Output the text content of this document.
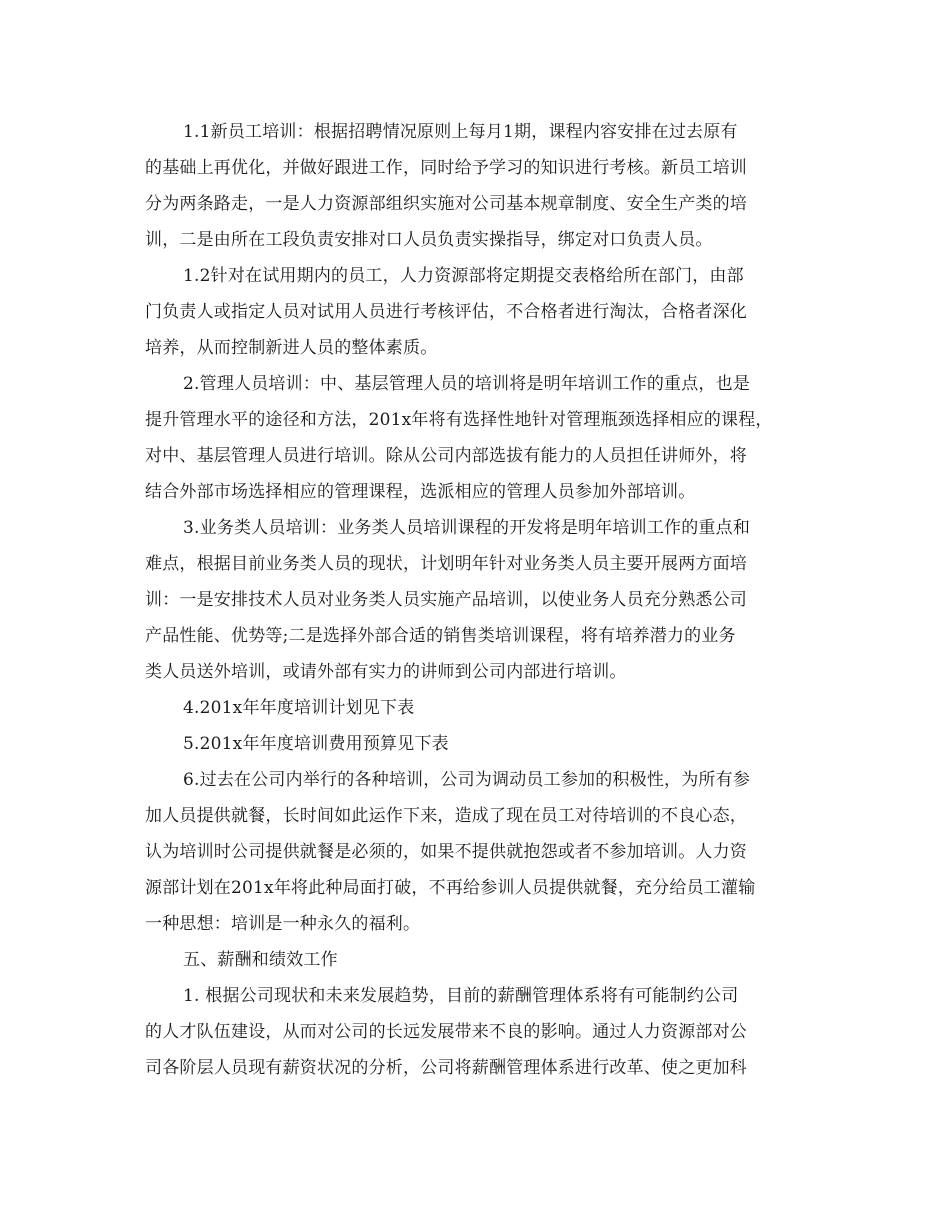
1.1新员工培训：根据招聘情况原则上每月1期，课程内容安排在过去原有
的基础上再优化，并做好跟进工作，同时给予学习的知识进行考核。新员工培训
分为两条路走，一是人力资源部组织实施对公司基本规章制度、安全生产类的培
训，二是由所在工段负责安排对口人员负责实操指导，绑定对口负责人员。
1.2针对在试用期内的员工，人力资源部将定期提交表格给所在部门，由部
门负责人或指定人员对试用人员进行考核评估，不合格者进行淘汰，合格者深化
培养，从而控制新进人员的整体素质。
2.管理人员培训：中、基层管理人员的培训将是明年培训工作的重点，也是
提升管理水平的途径和方法，201x年将有选择性地针对管理瓶颈选择相应的课程，
对中、基层管理人员进行培训。除从公司内部选拔有能力的人员担任讲师外，将
结合外部市场选择相应的管理课程，选派相应的管理人员参加外部培训。
3.业务类人员培训：业务类人员培训课程的开发将是明年培训工作的重点和
难点，根据目前业务类人员的现状，计划明年针对业务类人员主要开展两方面培
训：一是安排技术人员对业务类人员实施产品培训，以使业务人员充分熟悉公司
产品性能、优势等;二是选择外部合适的销售类培训课程，将有培养潜力的业务
类人员送外培训，或请外部有实力的讲师到公司内部进行培训。
4.201x年年度培训计划见下表
5.201x年年度培训费用预算见下表
6.过去在公司内举行的各种培训，公司为调动员工参加的积极性，为所有参
加人员提供就餐，长时间如此运作下来，造成了现在员工对待培训的不良心态，
认为培训时公司提供就餐是必须的，如果不提供就抱怨或者不参加培训。人力资
源部计划在201x年将此种局面打破，不再给参训人员提供就餐，充分给员工灌输
一种思想：培训是一种永久的福利。
五、薪酬和绩效工作
1. 根据公司现状和未来发展趋势，目前的薪酬管理体系将有可能制约公司
的人才队伍建设，从而对公司的长远发展带来不良的影响。通过人力资源部对公
司各阶层人员现有薪资状况的分析，公司将薪酬管理体系进行改革、使之更加科
